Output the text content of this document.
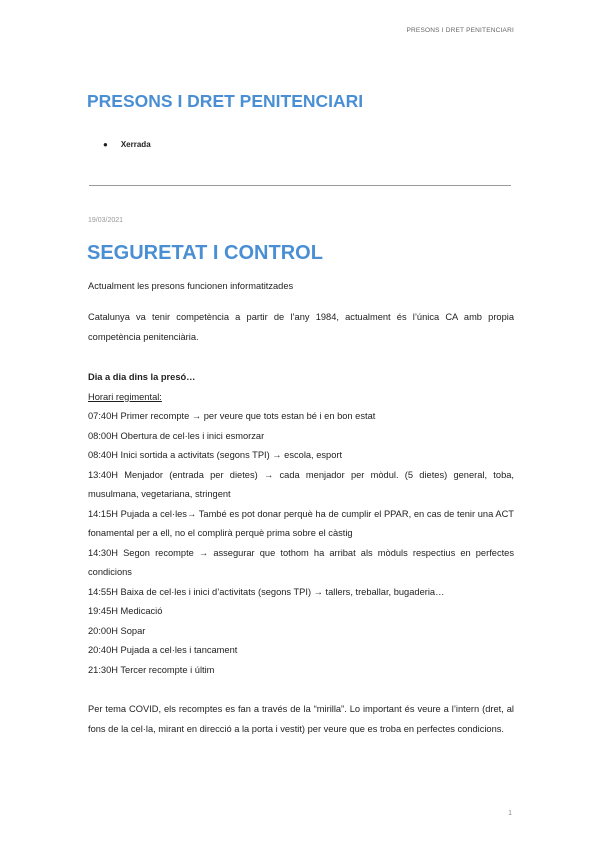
PRESONS I DRET PENITENCIARI
PRESONS I DRET PENITENCIARI
● Xerrada
19/03/2021
SEGURETAT I CONTROL
Actualment les presons funcionen informatitzades
Catalunya va tenir competència a partir de l’any 1984, actualment és l’única CA amb propia competència penitenciària.
Dia a dia dins la presó…
Horari regimental:
07:40H Primer recompte → per veure que tots estan bé i en bon estat
08:00H Obertura de cel·les i inici esmorzar
08:40H Inici sortida a activitats (segons TPI) → escola, esport
13:40H Menjador (entrada per dietes) → cada menjador per mòdul. (5 dietes) general, toba, musulmana, vegetariana, stringent
14:15H Pujada a cel·les→ També es pot donar perquè ha de cumplir el PPAR, en cas de tenir una ACT fonamental per a ell, no el complirà perquè prima sobre el càstig
14:30H Segon recompte → assegurar que tothom ha arribat als mòduls respectius en perfectes condicions
14:55H Baixa de cel·les i inici d’activitats (segons TPI) → tallers, treballar, bugaderia…
19:45H Medicació
20:00H Sopar
20:40H Pujada a cel·les i tancament
21:30H Tercer recompte i últim
Per tema COVID, els recomptes es fan a través de la “mirilla”. Lo important és veure a l’intern (dret, al fons de la cel·la, mirant en direcció a la porta i vestit) per veure que es troba en perfectes condicions.
1
